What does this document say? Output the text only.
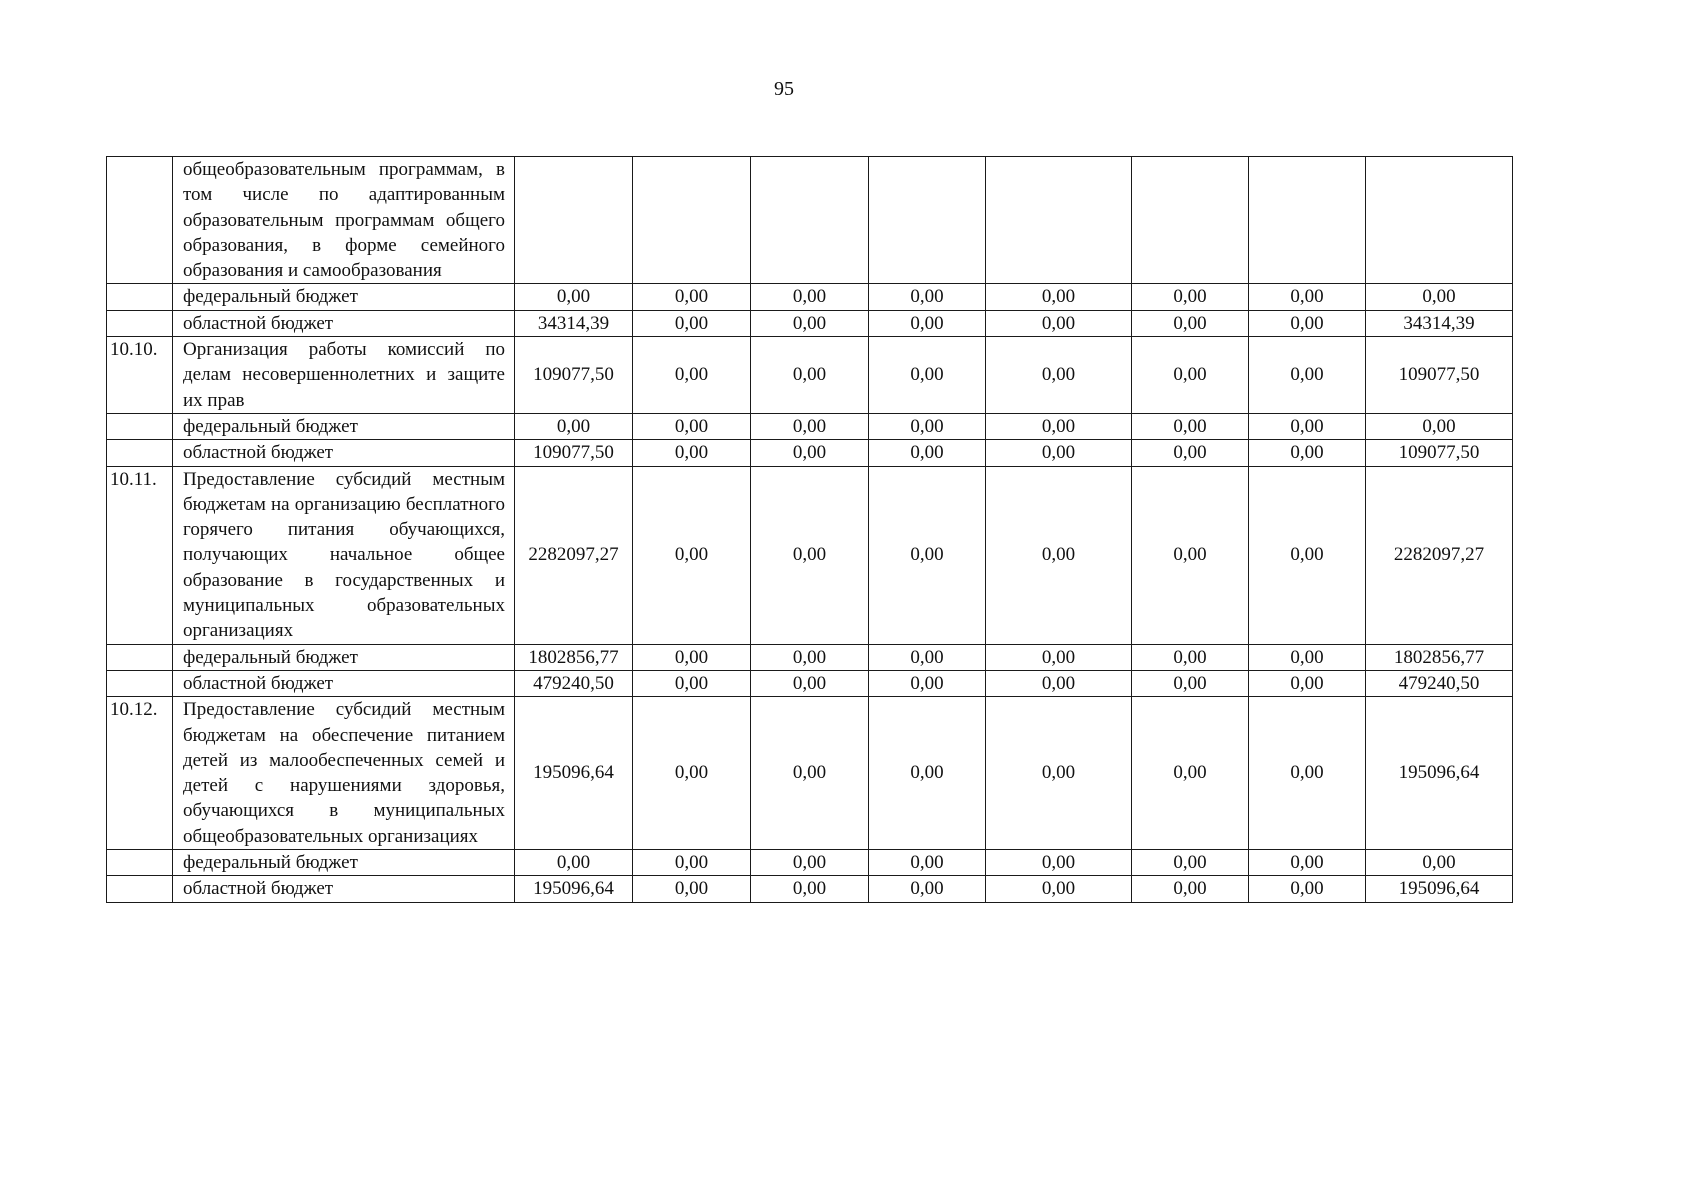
95
	общеобразовательным программам, в том числе по адаптированным образовательным программам общего образования, в форме семейного образования и самообразования								
	федеральный бюджет	0,00	0,00	0,00	0,00	0,00	0,00	0,00	0,00
	областной бюджет	34314,39	0,00	0,00	0,00	0,00	0,00	0,00	34314,39
10.10.	Организация работы комиссий по делам несовершеннолетних и защите их прав	109077,50	0,00	0,00	0,00	0,00	0,00	0,00	109077,50
	федеральный бюджет	0,00	0,00	0,00	0,00	0,00	0,00	0,00	0,00
	областной бюджет	109077,50	0,00	0,00	0,00	0,00	0,00	0,00	109077,50
10.11.	Предоставление субсидий местным бюджетам на организацию бесплатного горячего питания обучающихся, получающих начальное общее образование в государственных и муниципальных образовательных организациях	2282097,27	0,00	0,00	0,00	0,00	0,00	0,00	2282097,27
	федеральный бюджет	1802856,77	0,00	0,00	0,00	0,00	0,00	0,00	1802856,77
	областной бюджет	479240,50	0,00	0,00	0,00	0,00	0,00	0,00	479240,50
10.12.	Предоставление субсидий местным бюджетам на обеспечение питанием детей из малообеспеченных семей и детей с нарушениями здоровья, обучающихся в муниципальных общеобразовательных организациях	195096,64	0,00	0,00	0,00	0,00	0,00	0,00	195096,64
	федеральный бюджет	0,00	0,00	0,00	0,00	0,00	0,00	0,00	0,00
	областной бюджет	195096,64	0,00	0,00	0,00	0,00	0,00	0,00	195096,64
